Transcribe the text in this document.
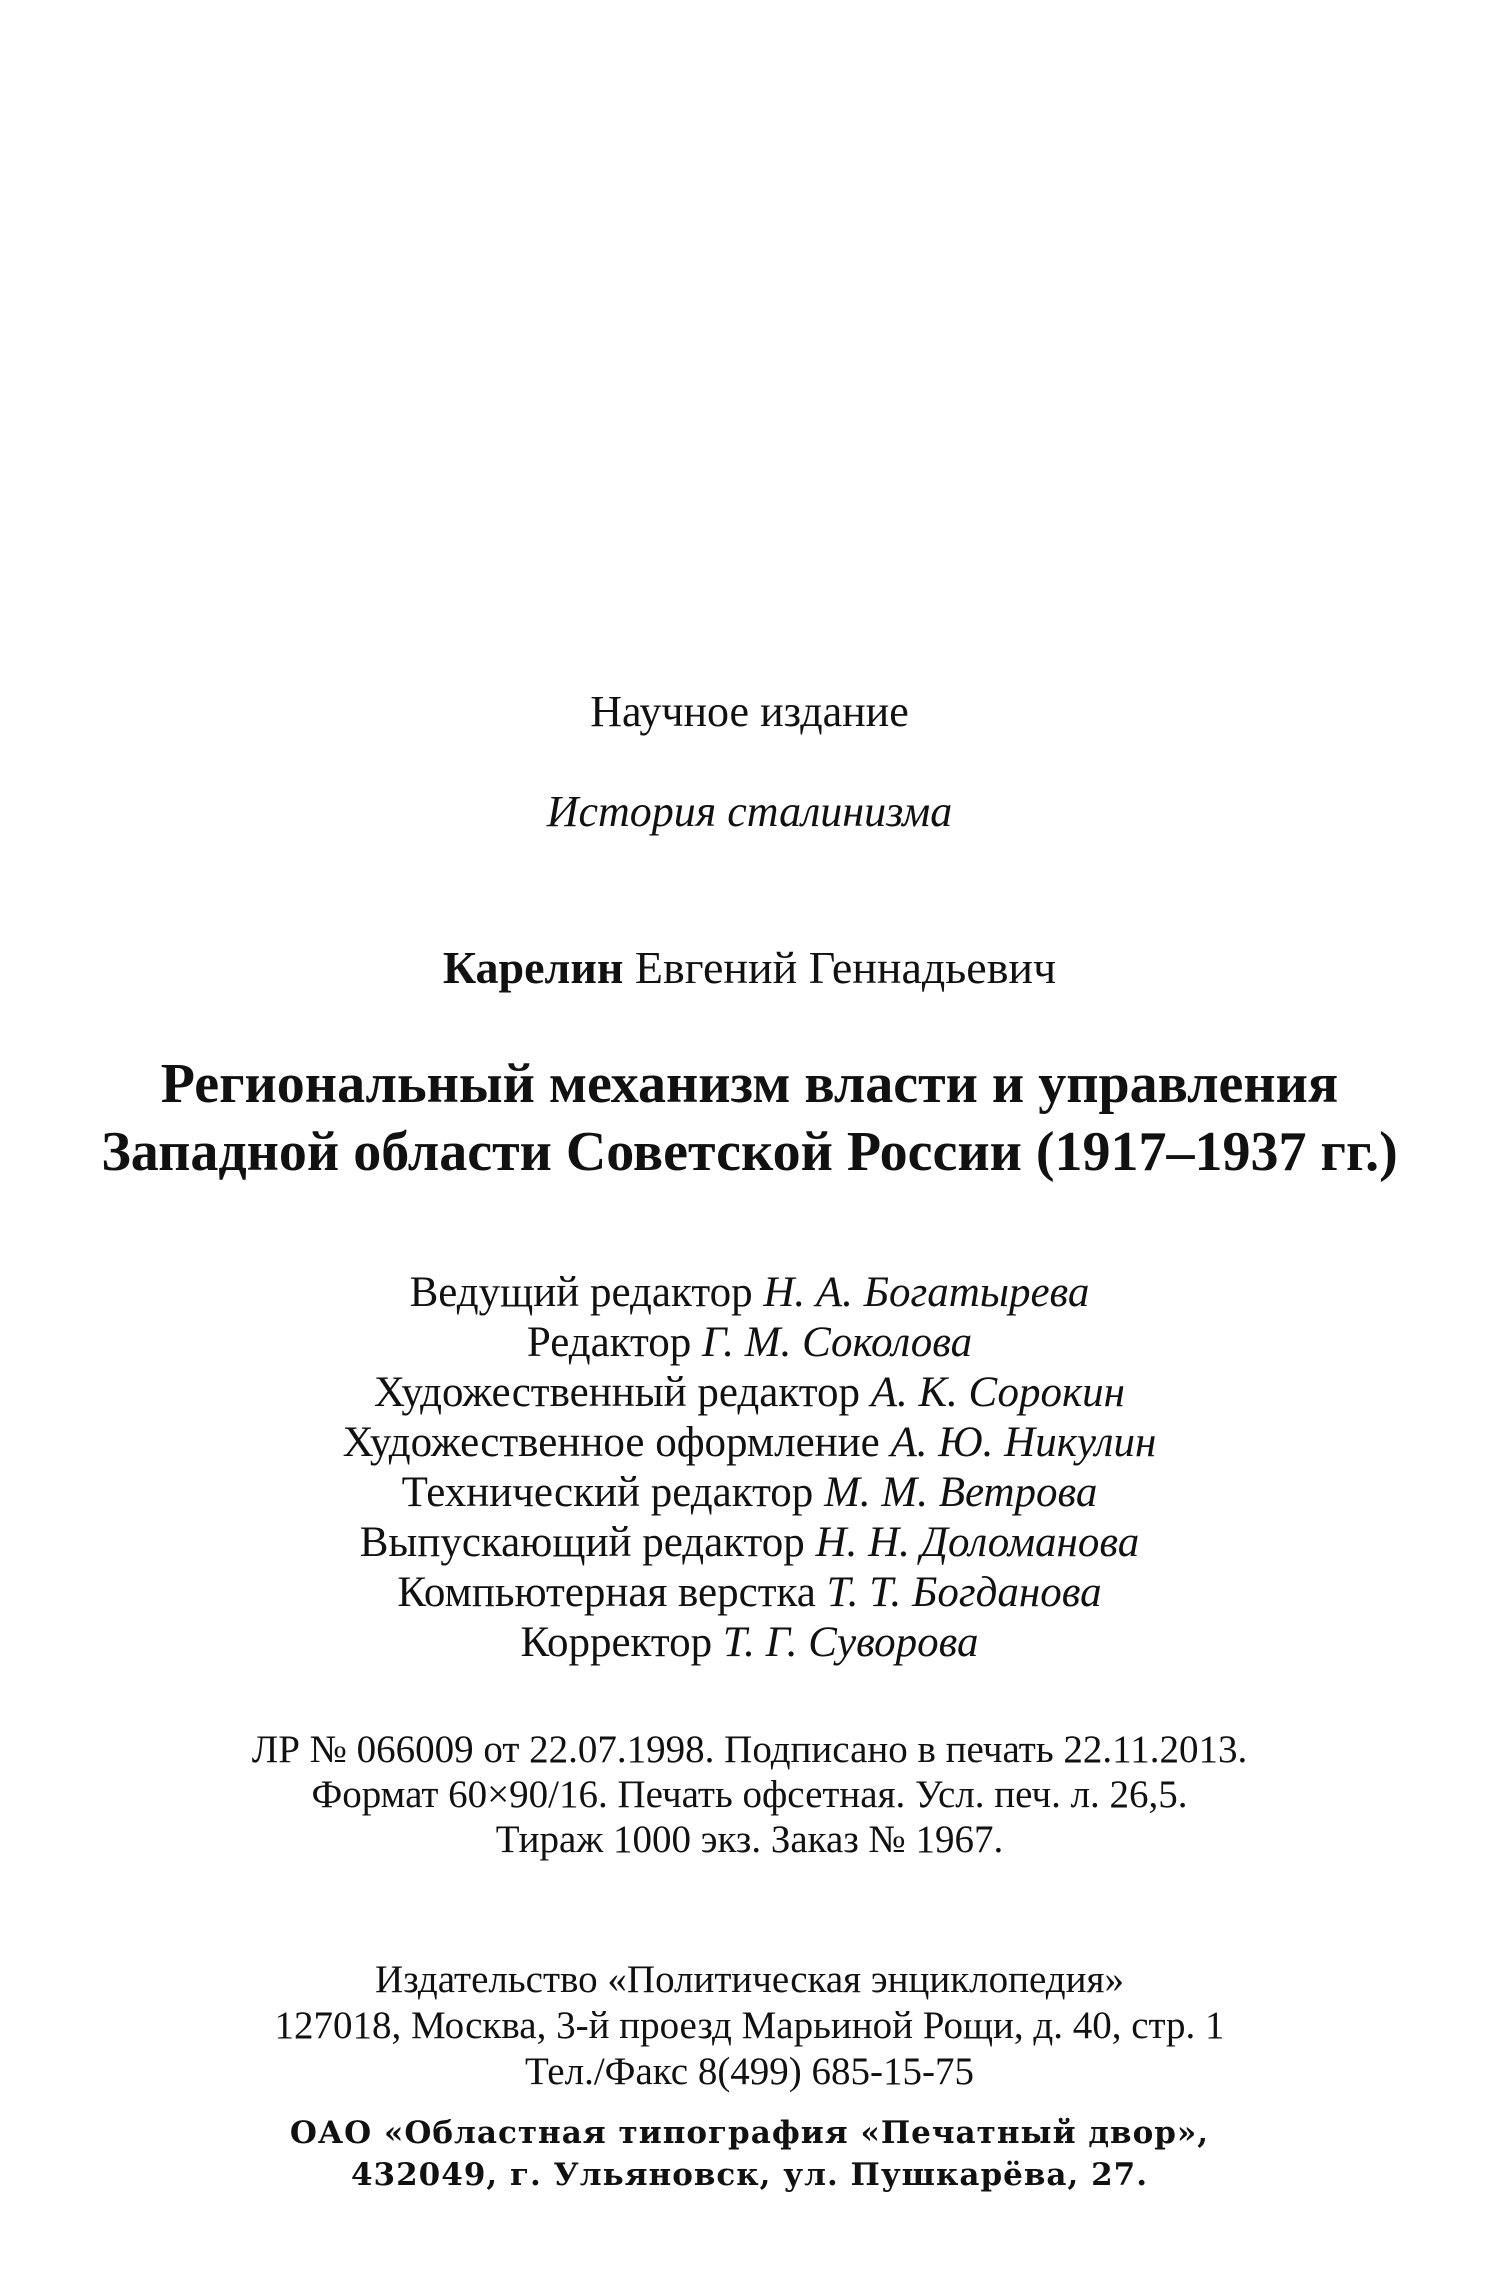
Научное издание
История сталинизма
Карелин Евгений Геннадьевич
Региональный механизм власти и управления
Западной области Советской России (1917–1937 гг.)
Ведущий редактор Н. А. Богатырева
Редактор Г. М. Соколова
Художественный редактор А. К. Сорокин
Художественное оформление А. Ю. Никулин
Технический редактор М. М. Ветрова
Выпускающий редактор Н. Н. Доломанова
Компьютерная верстка Т. Т. Богданова
Корректор Т. Г. Суворова
ЛР № 066009 от 22.07.1998. Подписано в печать 22.11.2013.
Формат 60×90/16. Печать офсетная. Усл. печ. л. 26,5.
Тираж 1000 экз. Заказ № 1967.
Издательство «Политическая энциклопедия»
127018, Москва, 3-й проезд Марьиной Рощи, д. 40, стр. 1
Тел./Факс 8(499) 685-15-75
ОАО «Областная типография «Печатный двор»,
432049, г. Ульяновск, ул. Пушкарёва, 27.
